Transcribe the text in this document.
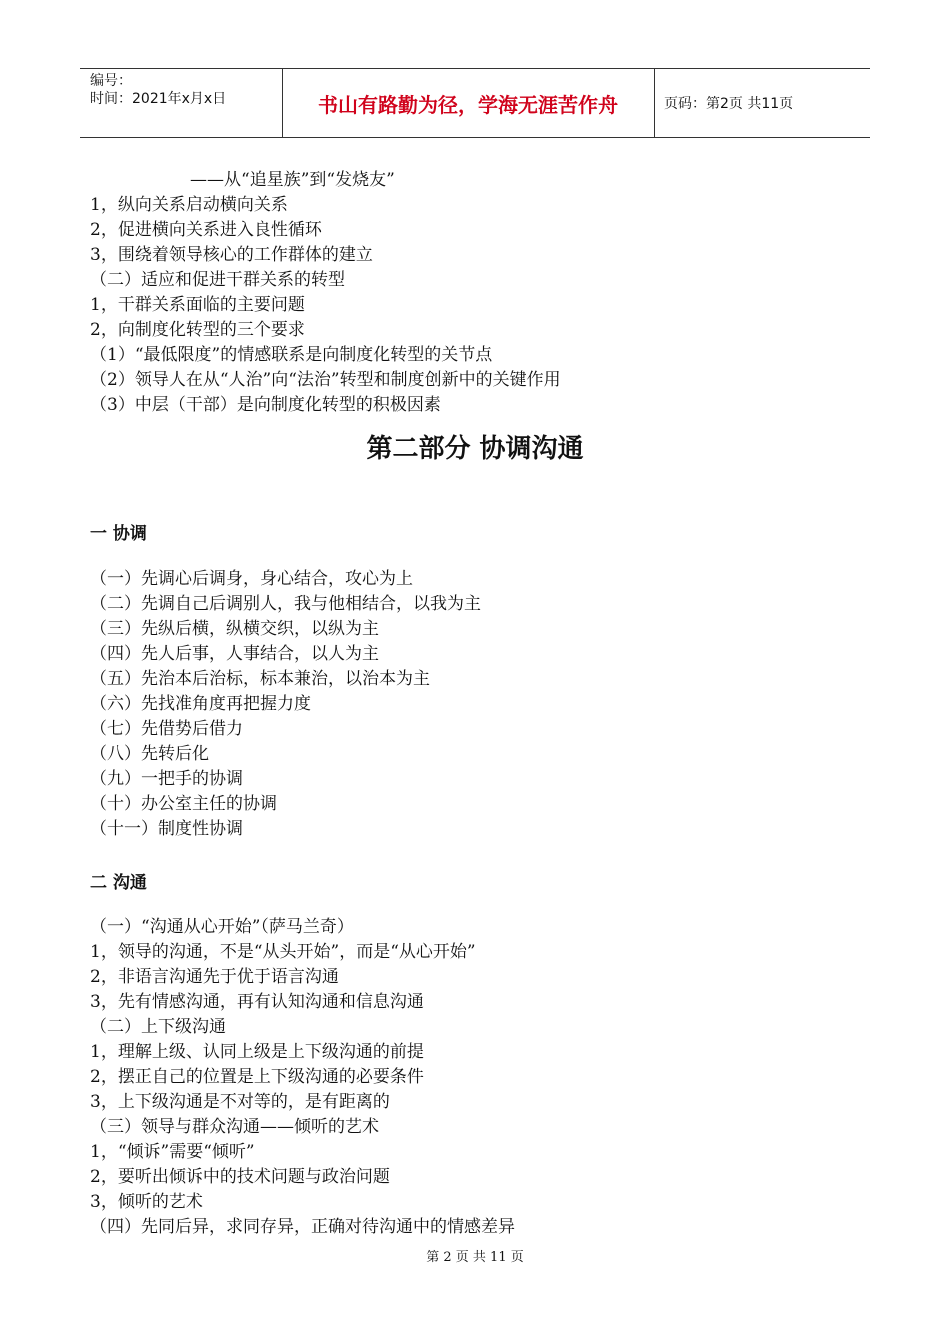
编号：
时间：2021年x月x日	书山有路勤为径，学海无涯苦作舟	页码：第2页 共11页
——从“追星族”到“发烧友”
1，纵向关系启动横向关系
2，促进横向关系进入良性循环
3，围绕着领导核心的工作群体的建立
（二）适应和促进干群关系的转型
1，干群关系面临的主要问题
2，向制度化转型的三个要求
（1）“最低限度”的情感联系是向制度化转型的关节点
（2）领导人在从“人治”向“法治”转型和制度创新中的关键作用
（3）中层（干部）是向制度化转型的积极因素
第二部分 协调沟通
一 协调
（一）先调心后调身，身心结合，攻心为上
（二）先调自己后调别人，我与他相结合，以我为主
（三）先纵后横，纵横交织，以纵为主
（四）先人后事，人事结合，以人为主
（五）先治本后治标，标本兼治，以治本为主
（六）先找准角度再把握力度
（七）先借势后借力
（八）先转后化
（九）一把手的协调
（十）办公室主任的协调
（十一）制度性协调
二 沟通
（一）“沟通从心开始”（萨马兰奇）
1，领导的沟通，不是“从头开始”，而是“从心开始”
2，非语言沟通先于优于语言沟通
3，先有情感沟通，再有认知沟通和信息沟通
（二）上下级沟通
1，理解上级、认同上级是上下级沟通的前提
2，摆正自己的位置是上下级沟通的必要条件
3，上下级沟通是不对等的，是有距离的
（三）领导与群众沟通——倾听的艺术
1，“倾诉”需要“倾听”
2，要听出倾诉中的技术问题与政治问题
3，倾听的艺术
（四）先同后异，求同存异，正确对待沟通中的情感差异
第 2 页 共 11 页
